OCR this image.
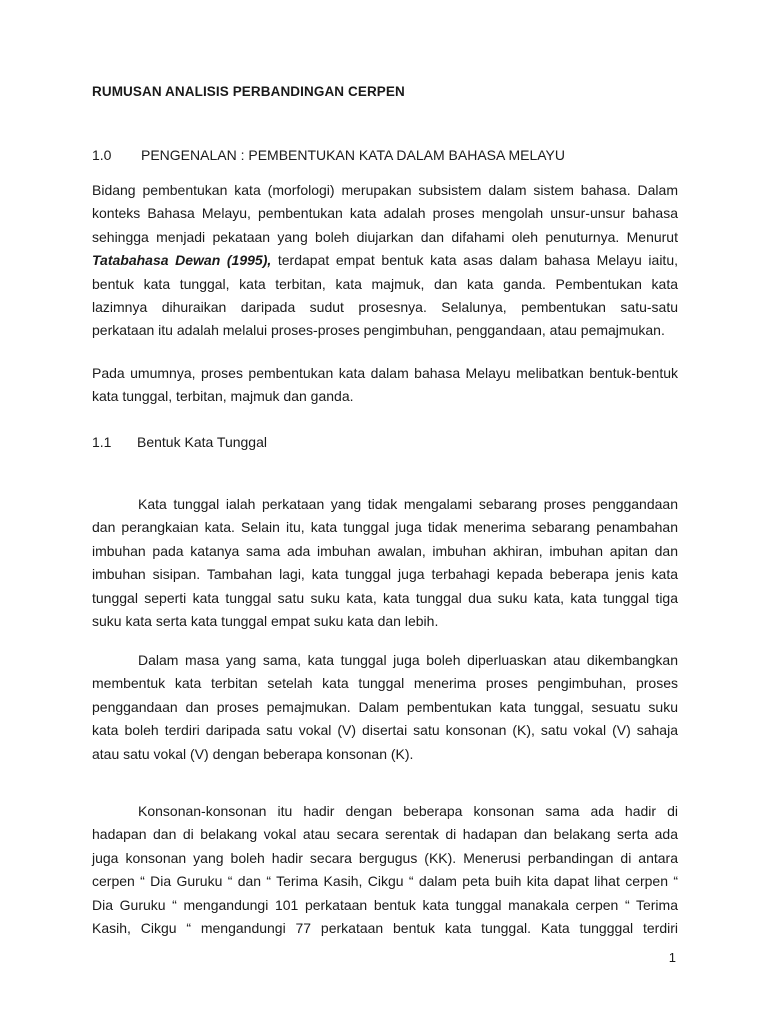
RUMUSAN ANALISIS PERBANDINGAN CERPEN
1.0 PENGENALAN : PEMBENTUKAN KATA DALAM BAHASA MELAYU
Bidang pembentukan kata (morfologi) merupakan subsistem dalam sistem bahasa. Dalam
konteks Bahasa Melayu, pembentukan kata adalah proses mengolah unsur-unsur bahasa
sehingga menjadi pekataan yang boleh diujarkan dan difahami oleh penuturnya. Menurut
Tatabahasa Dewan (1995), terdapat empat bentuk kata asas dalam bahasa Melayu iaitu,
bentuk kata tunggal, kata terbitan, kata majmuk, dan kata ganda. Pembentukan kata
lazimnya dihuraikan daripada sudut prosesnya. Selalunya, pembentukan satu-satu
perkataan itu adalah melalui proses-proses pengimbuhan, penggandaan, atau pemajmukan.
Pada umumnya, proses pembentukan kata dalam bahasa Melayu melibatkan bentuk-bentuk
kata tunggal, terbitan, majmuk dan ganda.
1.1 Bentuk Kata Tunggal
Kata tunggal ialah perkataan yang tidak mengalami sebarang proses penggandaan
dan perangkaian kata. Selain itu, kata tunggal juga tidak menerima sebarang penambahan
imbuhan pada katanya sama ada imbuhan awalan, imbuhan akhiran, imbuhan apitan dan
imbuhan sisipan. Tambahan lagi, kata tunggal juga terbahagi kepada beberapa jenis kata
tunggal seperti kata tunggal satu suku kata, kata tunggal dua suku kata, kata tunggal tiga
suku kata serta kata tunggal empat suku kata dan lebih.
Dalam masa yang sama, kata tunggal juga boleh diperluaskan atau dikembangkan
membentuk kata terbitan setelah kata tunggal menerima proses pengimbuhan, proses
penggandaan dan proses pemajmukan. Dalam pembentukan kata tunggal, sesuatu suku
kata boleh terdiri daripada satu vokal (V) disertai satu konsonan (K), satu vokal (V) sahaja
atau satu vokal (V) dengan beberapa konsonan (K).
Konsonan-konsonan itu hadir dengan beberapa konsonan sama ada hadir di
hadapan dan di belakang vokal atau secara serentak di hadapan dan belakang serta ada
juga konsonan yang boleh hadir secara bergugus (KK). Menerusi perbandingan di antara
cerpen “ Dia Guruku “ dan “ Terima Kasih, Cikgu “ dalam peta buih kita dapat lihat cerpen “
Dia Guruku “ mengandungi 101 perkataan bentuk kata tunggal manakala cerpen “ Terima
Kasih, Cikgu “ mengandungi 77 perkataan bentuk kata tunggal. Kata tungggal terdiri
1
